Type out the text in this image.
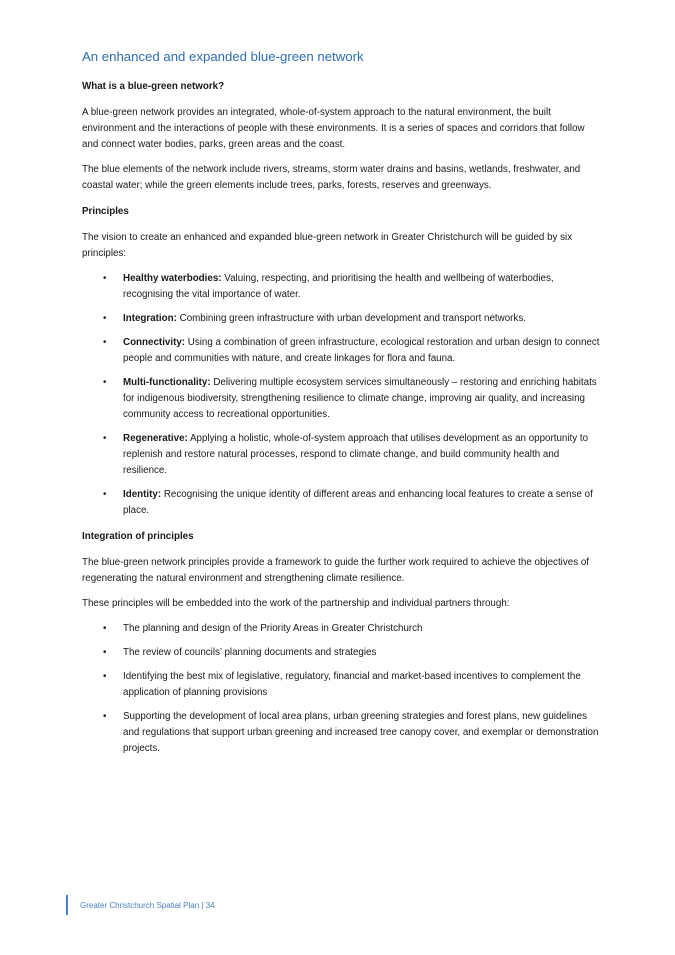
An enhanced and expanded blue-green network
What is a blue-green network?

A blue-green network provides an integrated, whole-of-system approach to the natural environment, the built environment and the interactions of people with these environments. It is a series of spaces and corridors that follow and connect water bodies, parks, green areas and the coast.

The blue elements of the network include rivers, streams, storm water drains and basins, wetlands, freshwater, and coastal water; while the green elements include trees, parks, forests, reserves and greenways.

Principles

The vision to create an enhanced and expanded blue-green network in Greater Christchurch will be guided by six principles:

• Healthy waterbodies: Valuing, respecting, and prioritising the health and wellbeing of waterbodies, recognising the vital importance of water.
• Integration: Combining green infrastructure with urban development and transport networks.
• Connectivity: Using a combination of green infrastructure, ecological restoration and urban design to connect people and communities with nature, and create linkages for flora and fauna.
• Multi-functionality: Delivering multiple ecosystem services simultaneously – restoring and enriching habitats for indigenous biodiversity, strengthening resilience to climate change, improving air quality, and increasing community access to recreational opportunities.
• Regenerative: Applying a holistic, whole-of-system approach that utilises development as an opportunity to replenish and restore natural processes, respond to climate change, and build community health and resilience.
• Identity: Recognising the unique identity of different areas and enhancing local features to create a sense of place.
Integration of principles

The blue-green network principles provide a framework to guide the further work required to achieve the objectives of regenerating the natural environment and strengthening climate resilience.

These principles will be embedded into the work of the partnership and individual partners through:

• The planning and design of the Priority Areas in Greater Christchurch
• The review of councils’ planning documents and strategies
• Identifying the best mix of legislative, regulatory, financial and market-based incentives to complement the application of planning provisions
• Supporting the development of local area plans, urban greening strategies and forest plans, new guidelines and regulations that support urban greening and increased tree canopy cover, and exemplar or demonstration projects.
Greater Christchurch Spatial Plan | 34
